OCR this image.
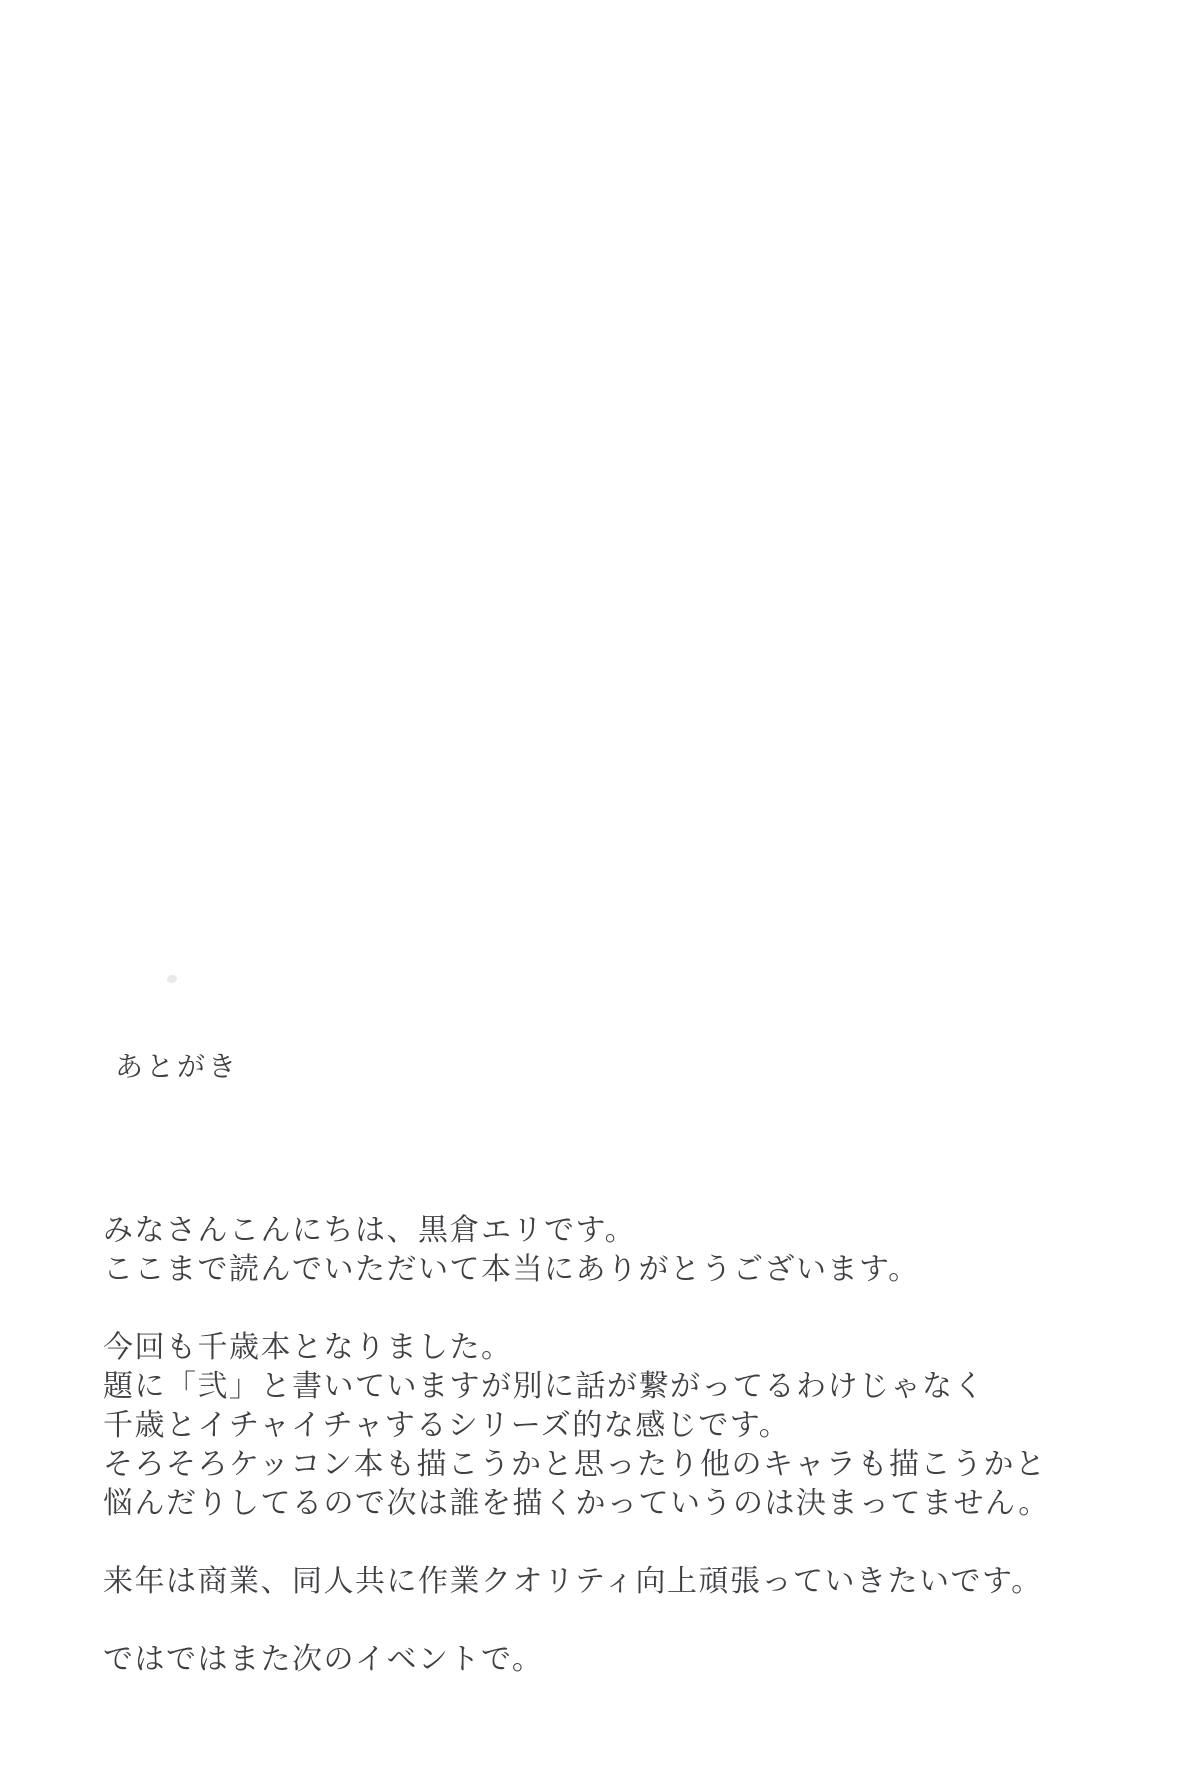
あとがき
みなさんこんにちは、黒倉エリです。
ここまで読んでいただいて本当にありがとうございます。
今回も千歳本となりました。
題に「弐」と書いていますが別に話が繋がってるわけじゃなく
千歳とイチャイチャするシリーズ的な感じです。
そろそろケッコン本も描こうかと思ったり他のキャラも描こうかと
悩んだりしてるので次は誰を描くかっていうのは決まってません。
来年は商業、同人共に作業クオリティ向上頑張っていきたいです。
ではではまた次のイベントで。
